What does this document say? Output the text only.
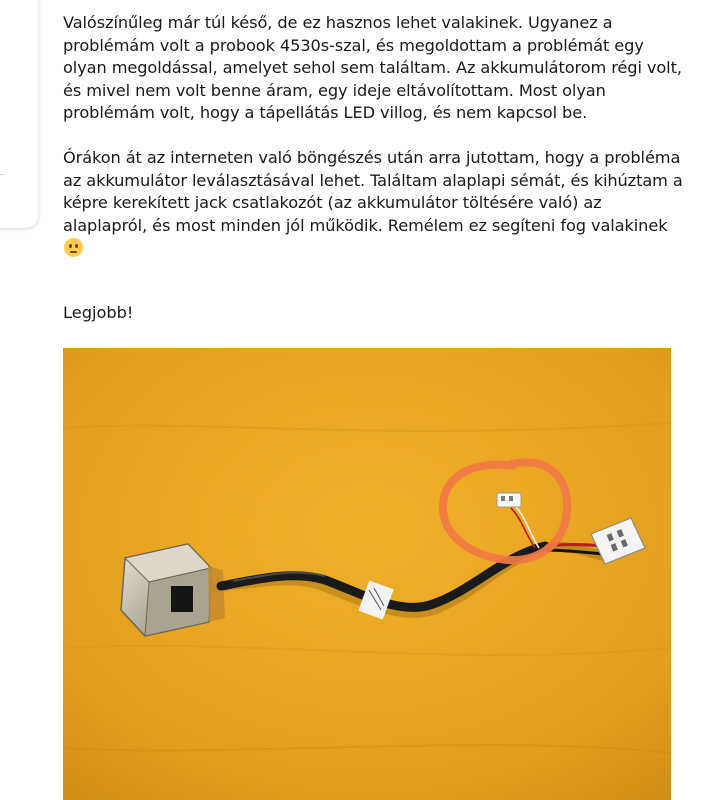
Valószínűleg már túl késő, de ez hasznos lehet valakinek. Ugyanez a problémám volt a probook 4530s-szal, és megoldottam a problémát egy olyan megoldással, amelyet sehol sem találtam. Az akkumulátorom régi volt, és mivel nem volt benne áram, egy ideje eltávolítottam. Most olyan problémám volt, hogy a tápellátás LED villog, és nem kapcsol be.

Órákon át az interneten való böngészés után arra jutottam, hogy a probléma az akkumulátor leválasztásával lehet. Találtam alaplapi sémát, és kihúztam a képre kerekített jack csatlakozót (az akkumulátor töltésére való) az alaplapról, és most minden jól működik. Remélem ez segíteni fog valakinek

Legjobb!
